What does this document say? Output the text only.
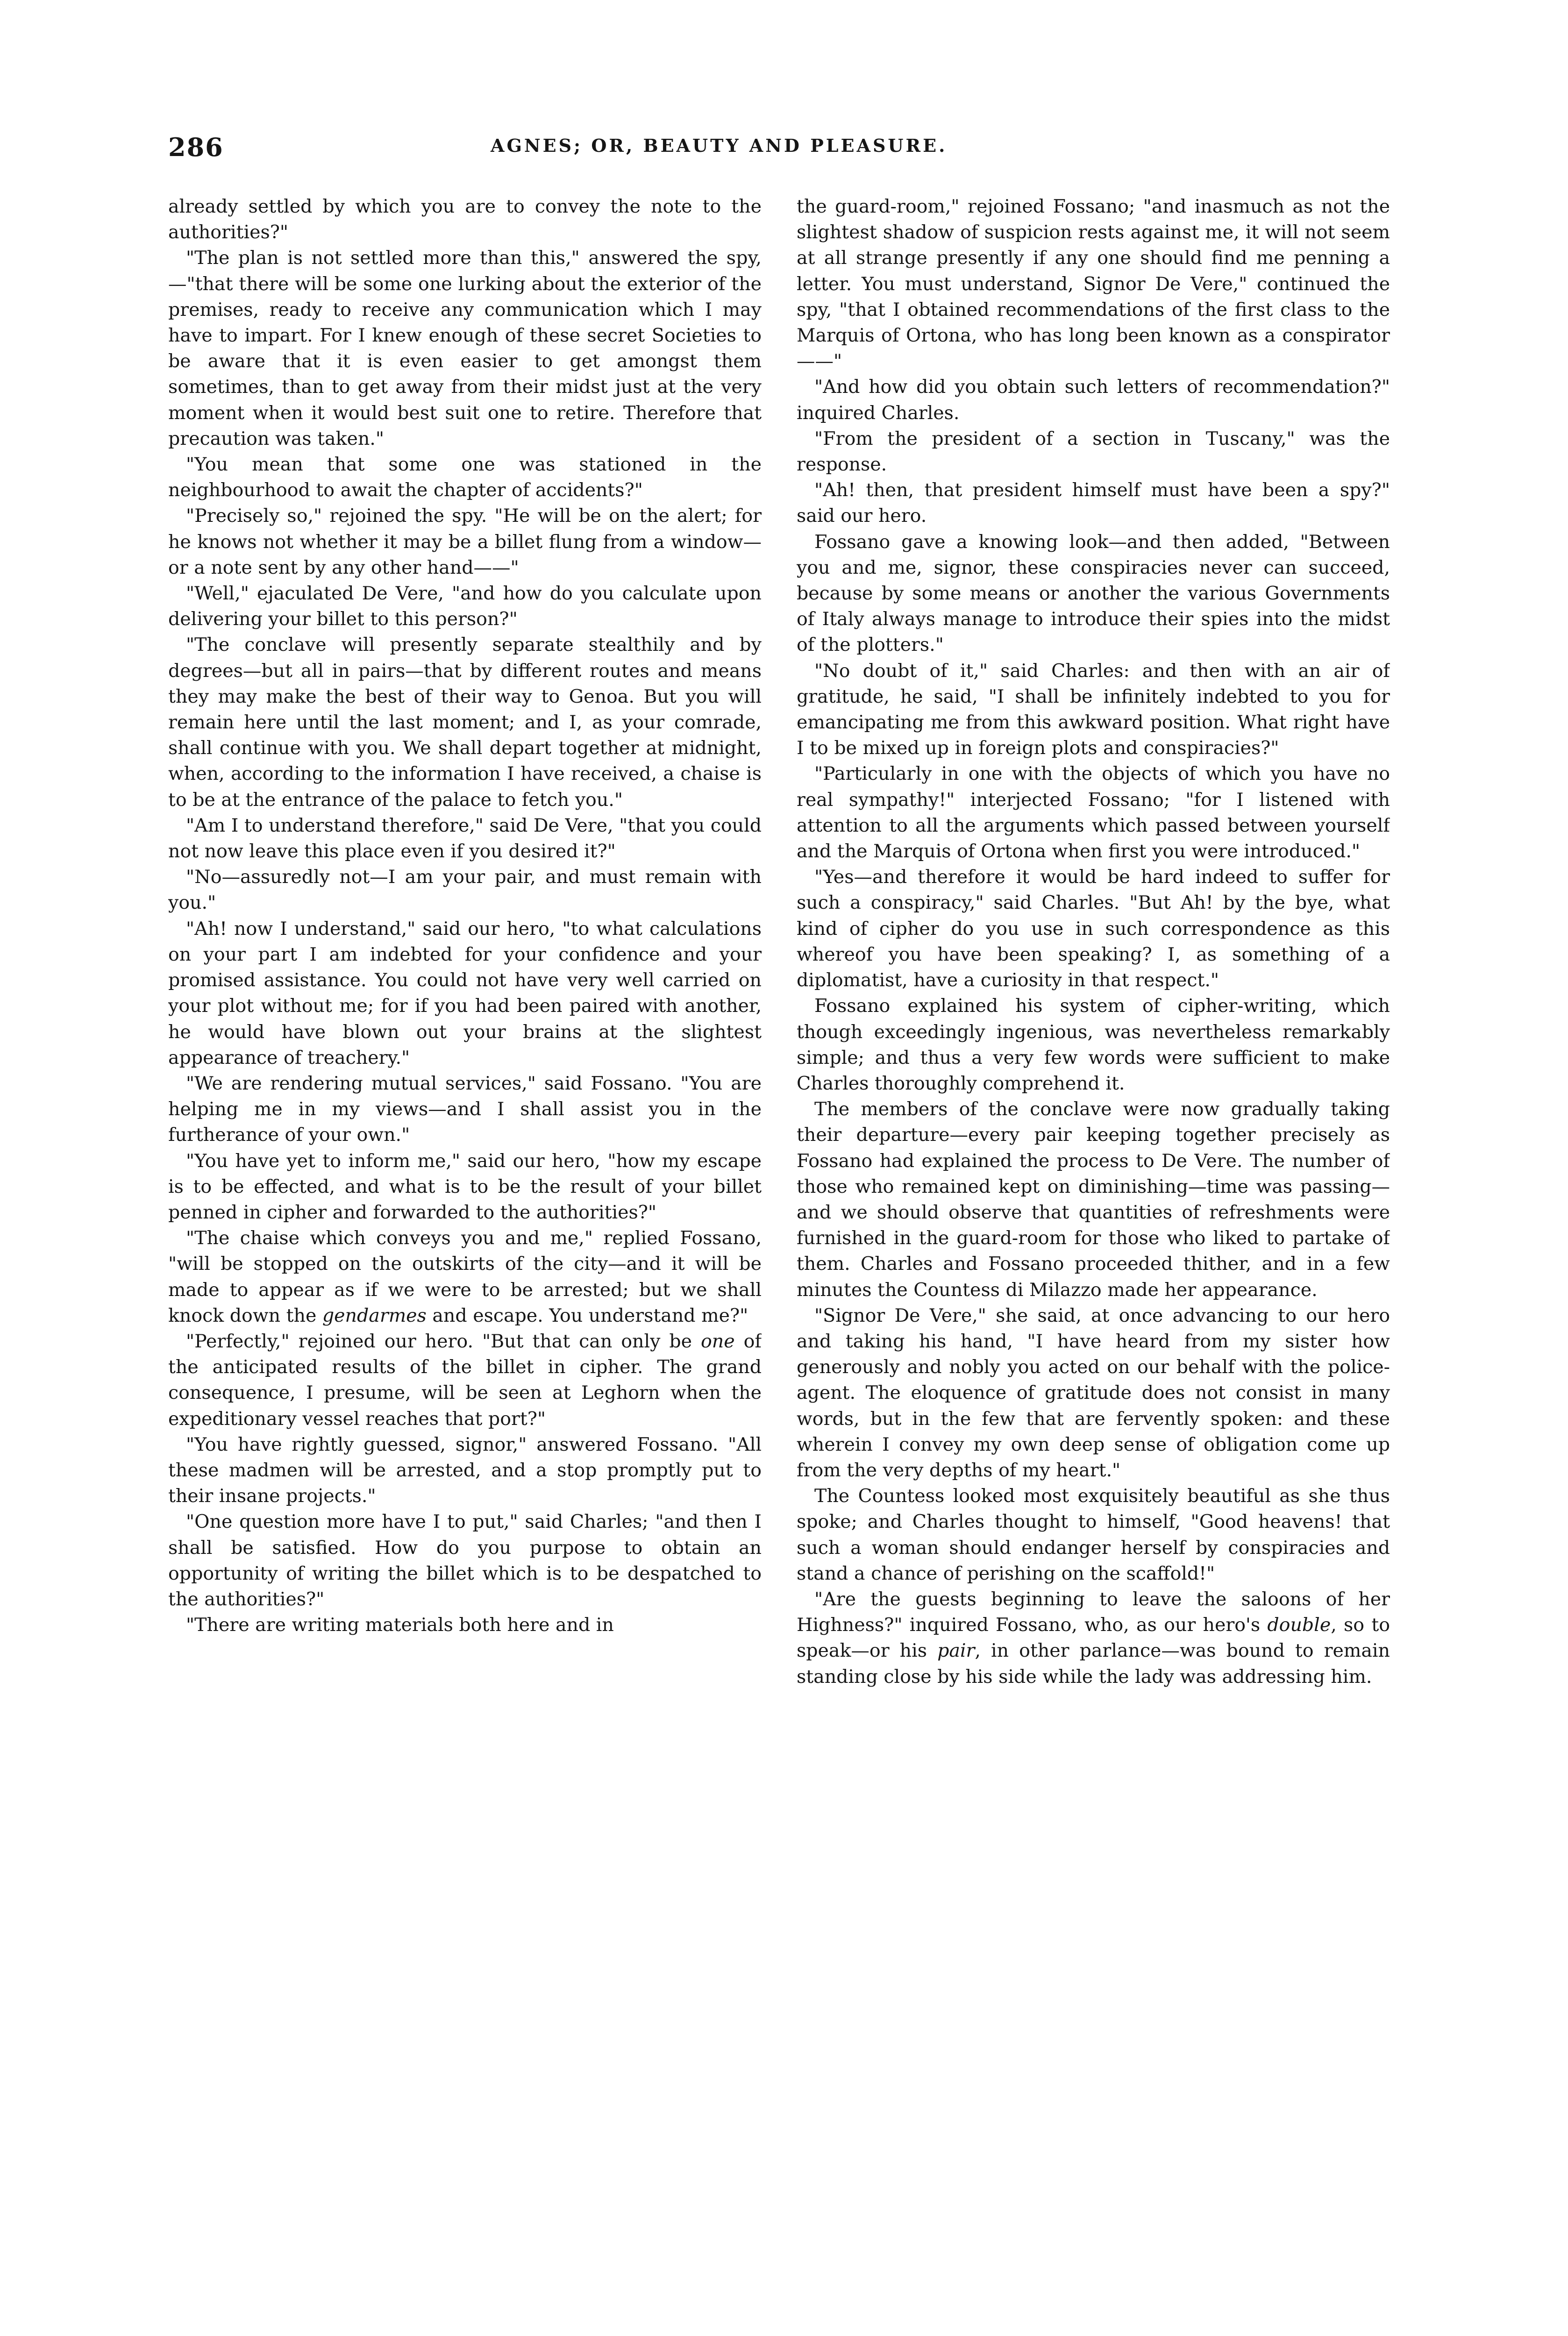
286	AGNES; OR, BEAUTY AND PLEASURE.

already settled by which you are to convey the note to the authorities?"

"The plan is not settled more than this," answered the spy,—"that there will be some one lurking about the exterior of the premises, ready to receive any communication which I may have to impart. For I knew enough of these secret Societies to be aware that it is even easier to get amongst them sometimes, than to get away from their midst just at the very moment when it would best suit one to retire. Therefore that precaution was taken."

"You mean that some one was stationed in the neighbourhood to await the chapter of accidents?"

"Precisely so," rejoined the spy. "He will be on the alert; for he knows not whether it may be a billet flung from a window—or a note sent by any other hand——"

"Well," ejaculated De Vere, "and how do you calculate upon delivering your billet to this person?"

"The conclave will presently separate stealthily and by degrees—but all in pairs—that by different routes and means they may make the best of their way to Genoa. But you will remain here until the last moment; and I, as your comrade, shall continue with you. We shall depart together at midnight, when, according to the information I have received, a chaise is to be at the entrance of the palace to fetch you."

"Am I to understand therefore," said De Vere, "that you could not now leave this place even if you desired it?"

"No—assuredly not—I am your pair, and must remain with you."

"Ah! now I understand," said our hero, "to what calculations on your part I am indebted for your confidence and your promised assistance. You could not have very well carried on your plot without me; for if you had been paired with another, he would have blown out your brains at the slightest appearance of treachery."

"We are rendering mutual services," said Fossano. "You are helping me in my views—and I shall assist you in the furtherance of your own."

"You have yet to inform me," said our hero, "how my escape is to be effected, and what is to be the result of your billet penned in cipher and forwarded to the authorities?"

"The chaise which conveys you and me," replied Fossano, "will be stopped on the outskirts of the city—and it will be made to appear as if we were to be arrested; but we shall knock down the gendarmes and escape. You understand me?"

"Perfectly," rejoined our hero. "But that can only be one of the anticipated results of the billet in cipher. The grand consequence, I presume, will be seen at Leghorn when the expeditionary vessel reaches that port?"

"You have rightly guessed, signor," answered Fossano. "All these madmen will be arrested, and a stop promptly put to their insane projects."

"One question more have I to put," said Charles; "and then I shall be satisfied. How do you purpose to obtain an opportunity of writing the billet which is to be despatched to the authorities?"

"There are writing materials both here and in

the guard-room," rejoined Fossano; "and inasmuch as not the slightest shadow of suspicion rests against me, it will not seem at all strange presently if any one should find me penning a letter. You must understand, Signor De Vere," continued the spy, "that I obtained recommendations of the first class to the Marquis of Ortona, who has long been known as a conspirator——"

"And how did you obtain such letters of recommendation?" inquired Charles.

"From the president of a section in Tuscany," was the response.

"Ah! then, that president himself must have been a spy?" said our hero.

Fossano gave a knowing look—and then added, "Between you and me, signor, these conspiracies never can succeed, because by some means or another the various Governments of Italy always manage to introduce their spies into the midst of the plotters."

"No doubt of it," said Charles: and then with an air of gratitude, he said, "I shall be infinitely indebted to you for emancipating me from this awkward position. What right have I to be mixed up in foreign plots and conspiracies?"

"Particularly in one with the objects of which you have no real sympathy!" interjected Fossano; "for I listened with attention to all the arguments which passed between yourself and the Marquis of Ortona when first you were introduced."

"Yes—and therefore it would be hard indeed to suffer for such a conspiracy," said Charles. "But Ah! by the bye, what kind of cipher do you use in such correspondence as this whereof you have been speaking? I, as something of a diplomatist, have a curiosity in that respect."

Fossano explained his system of cipher-writing, which though exceedingly ingenious, was nevertheless remarkably simple; and thus a very few words were sufficient to make Charles thoroughly comprehend it.

The members of the conclave were now gradually taking their departure—every pair keeping together precisely as Fossano had explained the process to De Vere. The number of those who remained kept on diminishing—time was passing—and we should observe that quantities of refreshments were furnished in the guard-room for those who liked to partake of them. Charles and Fossano proceeded thither, and in a few minutes the Countess di Milazzo made her appearance.

"Signor De Vere," she said, at once advancing to our hero and taking his hand, "I have heard from my sister how generously and nobly you acted on our behalf with the police-agent. The eloquence of gratitude does not consist in many words, but in the few that are fervently spoken: and these wherein I convey my own deep sense of obligation come up from the very depths of my heart."

The Countess looked most exquisitely beautiful as she thus spoke; and Charles thought to himself, "Good heavens! that such a woman should endanger herself by conspiracies and stand a chance of perishing on the scaffold!"

"Are the guests beginning to leave the saloons of her Highness?" inquired Fossano, who, as our hero's double, so to speak—or his pair, in other parlance—was bound to remain standing close by his side while the lady was addressing him.
